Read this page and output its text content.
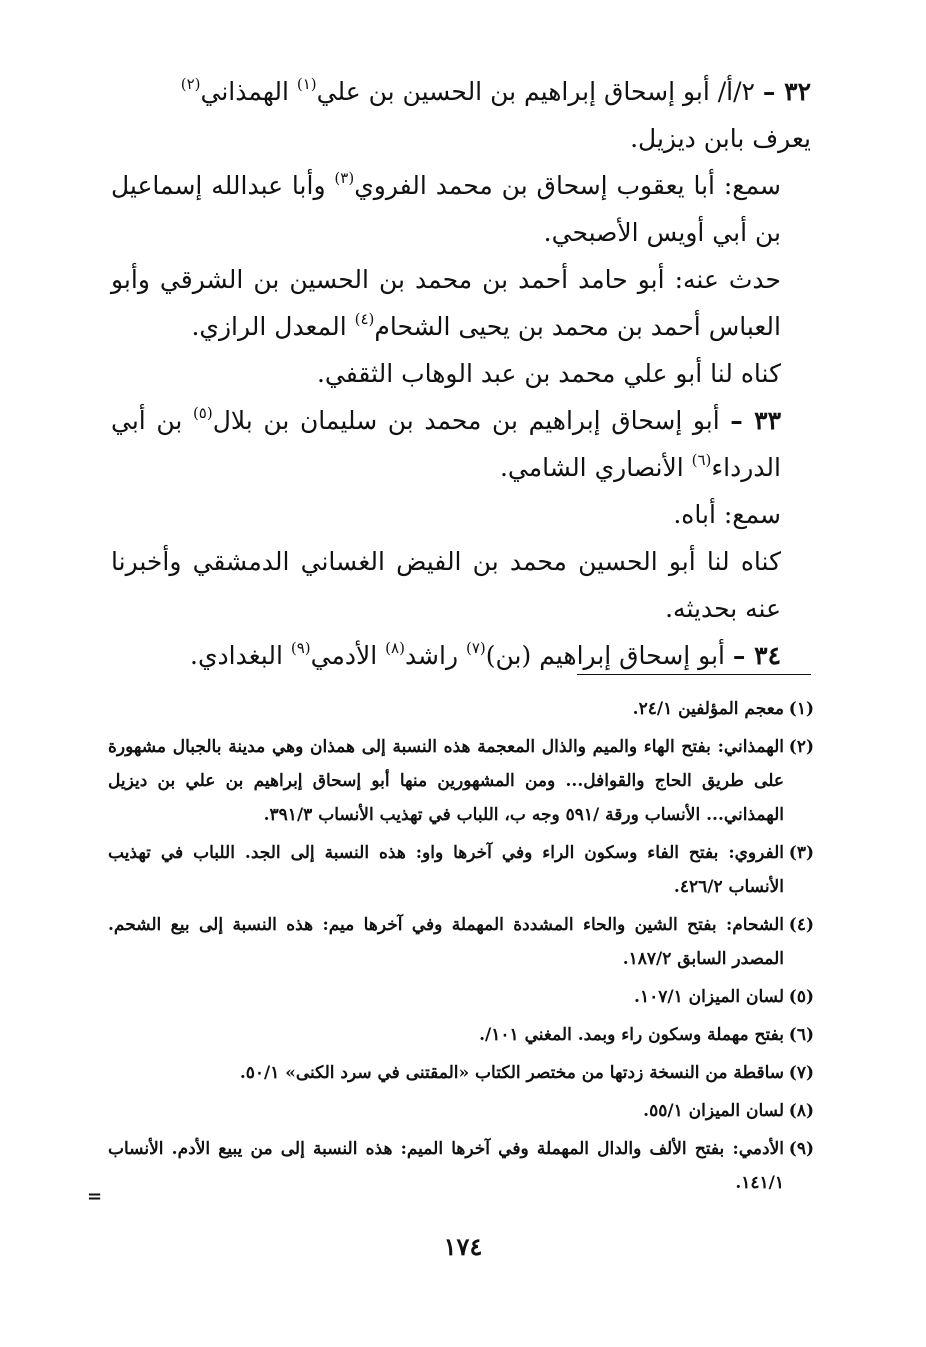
٣٢ – ٢/أ/ أبو إسحاق إبراهيم بن الحسين بن علي$^{(١)}$ الهمذاني$^{(٢)}$

يعرف بابن ديزيل.

سمع: أبا يعقوب إسحاق بن محمد الفروي$^{(٣)}$ وأبا عبدالله إسماعيل بن أبي أويس الأصبحي.

حدث عنه: أبو حامد أحمد بن محمد بن الحسين بن الشرقي وأبو العباس أحمد بن محمد بن يحيى الشحام$^{(٤)}$ المعدل الرازي.

كناه لنا أبو علي محمد بن عبد الوهاب الثقفي.

٣٣ – أبو إسحاق إبراهيم بن محمد بن سليمان بن بلال$^{(٥)}$ بن أبي الدرداء$^{(٦)}$ الأنصاري الشامي.

سمع: أباه.

كناه لنا أبو الحسين محمد بن الفيض الغساني الدمشقي وأخبرنا عنه بحديثه.

٣٤ – أبو إسحاق إبراهيم (بن)$^{(٧)}$ راشد$^{(٨)}$ الأدمي$^{(٩)}$ البغدادي.

(١)
معجم المؤلفين ٢٤/١.
(٢)
الهمذاني: بفتح الهاء والميم والذال المعجمة هذه النسبة إلى همذان وهي مدينة بالجبال مشهورة على طريق الحاج والقوافل... ومن المشهورين منها أبو إسحاق إبراهيم بن علي بن ديزيل الهمذاني... الأنساب ورقة /٥٩١ وجه ب، اللباب في تهذيب الأنساب ٣٩١/٣.
(٣)
الفروي: بفتح الفاء وسكون الراء وفي آخرها واو: هذه النسبة إلى الجد. اللباب في تهذيب الأنساب ٤٢٦/٢.
(٤)
الشحام: بفتح الشين والحاء المشددة المهملة وفي آخرها ميم: هذه النسبة إلى بيع الشحم. المصدر السابق ١٨٧/٢.
(٥)
لسان الميزان ١٠٧/١.
(٦)
بفتح مهملة وسكون راء وبمد. المغني ١٠١/.
(٧)
ساقطة من النسخة زدتها من مختصر الكتاب «المقتنى في سرد الكنى» ٥٠/١.
(٨)
لسان الميزان ٥٥/١.
(٩)
الأدمي: بفتح الألف والدال المهملة وفي آخرها الميم: هذه النسبة إلى من يبيع الأدم. الأنساب ١٤١/١.
=
١٧٤
